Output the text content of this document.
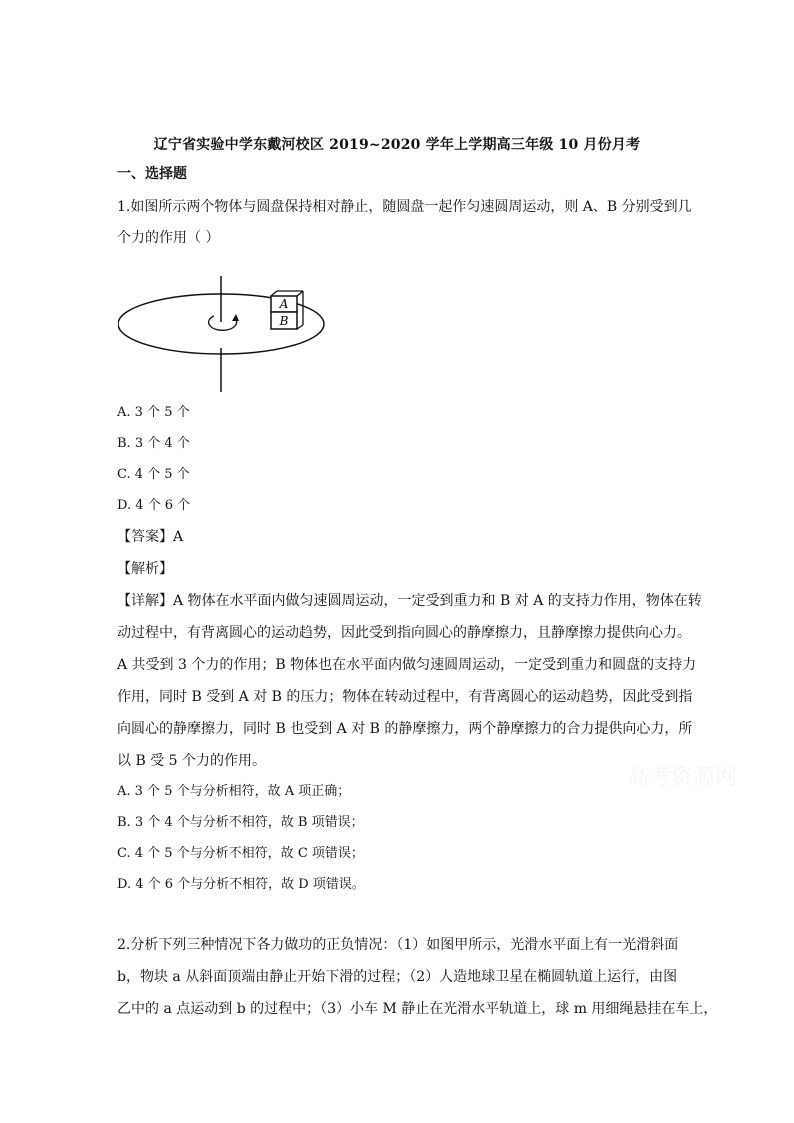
辽宁省实验中学东戴河校区 2019~2020 学年上学期高三年级 10 月份月考
一、选择题
1.如图所示两个物体与圆盘保持相对静止，随圆盘一起作匀速圆周运动，则 A、B 分别受到几
个力的作用（ ）
A
B
A. 3 个 5 个
B. 3 个 4 个
C. 4 个 5 个
D. 4 个 6 个
【答案】A
【解析】
【详解】A 物体在水平面内做匀速圆周运动，一定受到重力和 B 对 A 的支持力作用，物体在转
动过程中，有背离圆心的运动趋势，因此受到指向圆心的静摩擦力，且静摩擦力提供向心力。
A 共受到 3 个力的作用；B 物体也在水平面内做匀速圆周运动，一定受到重力和圆盘的支持力
作用，同时 B 受到 A 对 B 的压力；物体在转动过程中，有背离圆心的运动趋势，因此受到指
向圆心的静摩擦力，同时 B 也受到 A 对 B 的静摩擦力，两个静摩擦力的合力提供向心力，所
以 B 受 5 个力的作用。
A. 3 个 5 个与分析相符，故 A 项正确；
B. 3 个 4 个与分析不相符，故 B 项错误；
C. 4 个 5 个与分析不相符，故 C 项错误；
D. 4 个 6 个与分析不相符，故 D 项错误。
2.分析下列三种情况下各力做功的正负情况：（1）如图甲所示，光滑水平面上有一光滑斜面
b，物块 a 从斜面顶端由静止开始下滑的过程；（2）人造地球卫星在椭圆轨道上运行，由图
乙中的 a 点运动到 b 的过程中；（3）小车 M 静止在光滑水平轨道上，球 m 用细绳悬挂在车上，
高考资源网
